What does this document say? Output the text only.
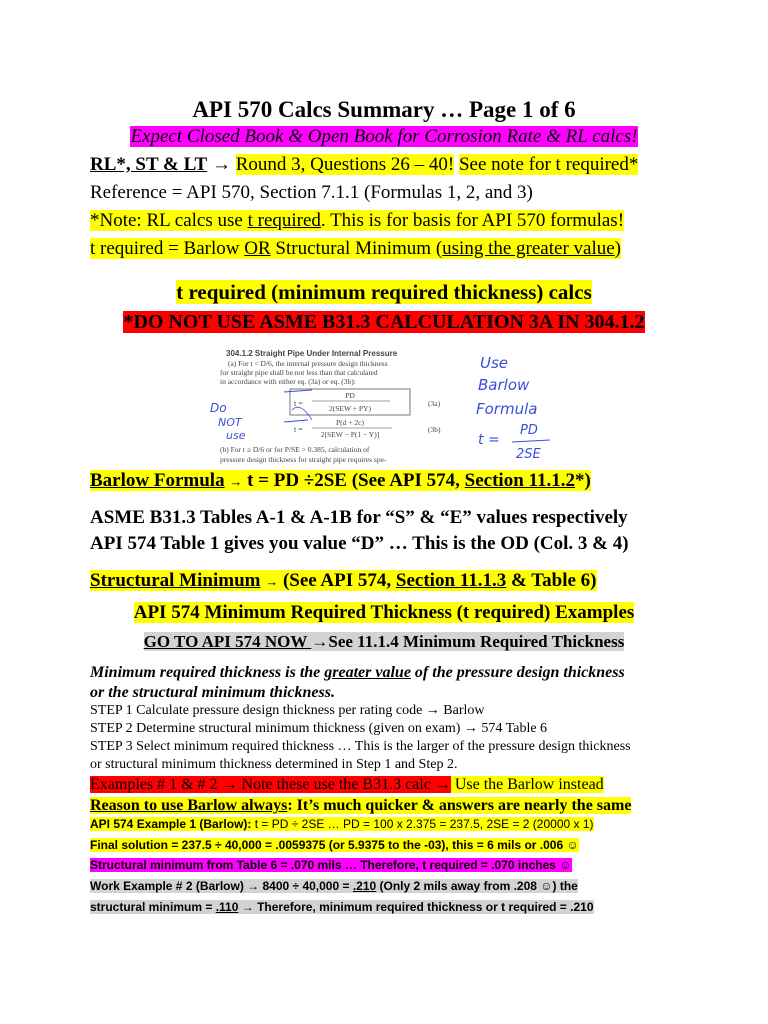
API 570 Calcs Summary … Page 1 of 6
Expect Closed Book & Open Book for Corrosion Rate & RL calcs!
RL*, ST & LT → Round 3, Questions 26 – 40! See note for t required*
Reference = API 570, Section 7.1.1 (Formulas 1, 2, and 3)
*Note: RL calcs use t required. This is for basis for API 570 formulas!
t required = Barlow OR Structural Minimum (using the greater value)
t required (minimum required thickness) calcs
*DO NOT USE ASME B31.3 CALCULATION 3A IN 304.1.2
304.1.2 Straight Pipe Under Internal Pressure
(a) For t < D/6, the internal pressure design thickness
for straight pipe shall be not less than that calculated
in accordance with either eq. (3a) or eq. (3b):
t =
PD
2(SEW + PY)
(3a)
t =
P(d + 2c)
2[SEW − P(1 − Y)]
(3b)
(b) For t ≥ D/6 or for P/SE > 0.385, calculation of
pressure design thickness for straight pipe requires spe-
Do
NOT
use
Use
Barlow
Formula
t =
PD
2SE
Barlow Formula → t = PD ÷2SE (See API 574, Section 11.1.2*)
ASME B31.3 Tables A-1 & A-1B for “S” & “E” values respectively
API 574 Table 1 gives you value “D” … This is the OD (Col. 3 & 4)
Structural Minimum → (See API 574, Section 11.1.3 & Table 6)
API 574 Minimum Required Thickness (t required) Examples
GO TO API 574 NOW →See 11.1.4 Minimum Required Thickness
Minimum required thickness is the greater value of the pressure design thickness
or the structural minimum thickness.
STEP 1 Calculate pressure design thickness per rating code → Barlow
STEP 2 Determine structural minimum thickness (given on exam) → 574 Table 6
STEP 3 Select minimum required thickness … This is the larger of the pressure design thickness
or structural minimum thickness determined in Step 1 and Step 2.
Examples # 1 & # 2 → Note these use the B31.3 calc → Use the Barlow instead
Reason to use Barlow always: It’s much quicker & answers are nearly the same
API 574 Example 1 (Barlow): t = PD ÷ 2SE … PD = 100 x 2.375 = 237.5, 2SE = 2 (20000 x 1)
Final solution = 237.5 ÷ 40,000 = .0059375 (or 5.9375 to the -03), this = 6 mils or .006 ☺
Structural minimum from Table 6 = .070 mils … Therefore, t required = .070 inches ☺
Work Example # 2 (Barlow) → 8400 ÷ 40,000 = .210 (Only 2 mils away from .208 ☺) the
structural minimum = .110 → Therefore, minimum required thickness or t required = .210
